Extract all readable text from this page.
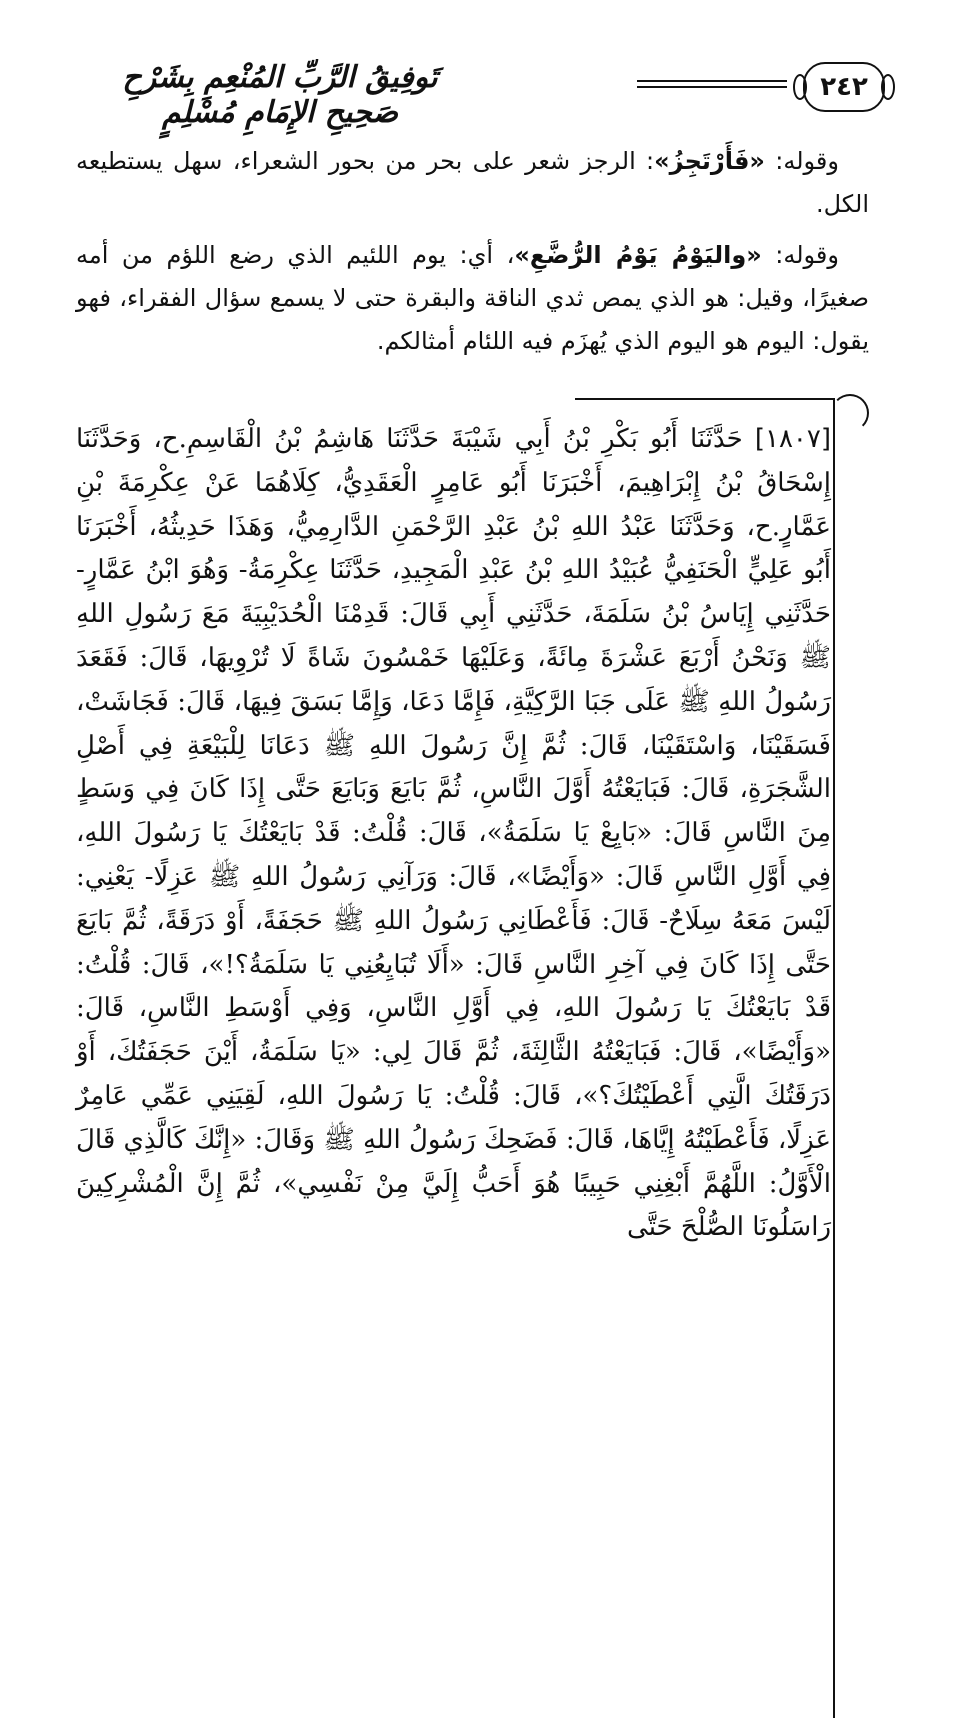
٢٤٢
تَوفِيقُ الرَّبِّ المُنْعِمِ بِشَرْحِ صَحِيحِ الإِمَامِ مُسْلِمٍ

وقوله: «فَأَرْتَجِزُ»: الرجز شعر على بحر من بحور الشعراء، سهل يستطيعه الكل.

وقوله: «واليَوْمُ يَوْمُ الرُّضَّعِ»، أي: يوم اللئيم الذي رضع اللؤم من أمه صغيرًا، وقيل: هو الذي يمص ثدي الناقة والبقرة حتى لا يسمع سؤال الفقراء، فهو يقول: اليوم هو اليوم الذي يُهزَم فيه اللئام أمثالكم.

[١٨٠٧] حَدَّثَنَا أَبُو بَكْرِ بْنُ أَبِي شَيْبَةَ حَدَّثَنَا هَاشِمُ بْنُ الْقَاسِمِ.ح، وَحَدَّثَنَا إِسْحَاقُ بْنُ إِبْرَاهِيمَ، أَخْبَرَنَا أَبُو عَامِرٍ الْعَقَدِيُّ، كِلَاهُمَا عَنْ عِكْرِمَةَ بْنِ عَمَّارٍ.ح، وَحَدَّثَنَا عَبْدُ اللهِ بْنُ عَبْدِ الرَّحْمَنِ الدَّارِمِيُّ، وَهَذَا حَدِيثُهُ، أَخْبَرَنَا أَبُو عَلِيٍّ الْحَنَفِيُّ عُبَيْدُ اللهِ بْنُ عَبْدِ الْمَجِيدِ، حَدَّثَنَا عِكْرِمَةُ- وَهُوَ ابْنُ عَمَّارٍ- حَدَّثَنِي إِيَاسُ بْنُ سَلَمَةَ، حَدَّثَنِي أَبِي قَالَ: قَدِمْنَا الْحُدَيْبِيَةَ مَعَ رَسُولِ اللهِ ﷺ وَنَحْنُ أَرْبَعَ عَشْرَةَ مِائَةً، وَعَلَيْهَا خَمْسُونَ شَاةً لَا تُرْوِيهَا، قَالَ: فَقَعَدَ رَسُولُ اللهِ ﷺ عَلَى جَبَا الرَّكِيَّةِ، فَإِمَّا دَعَا، وَإِمَّا بَسَقَ فِيهَا، قَالَ: فَجَاشَتْ، فَسَقَيْنَا، وَاسْتَقَيْنَا، قَالَ: ثُمَّ إِنَّ رَسُولَ اللهِ ﷺ دَعَانَا لِلْبَيْعَةِ فِي أَصْلِ الشَّجَرَةِ، قَالَ: فَبَايَعْتُهُ أَوَّلَ النَّاسِ، ثُمَّ بَايَعَ وَبَايَعَ حَتَّى إِذَا كَانَ فِي وَسَطٍ مِنَ النَّاسِ قَالَ: «بَايِعْ يَا سَلَمَةُ»، قَالَ: قُلْتُ: قَدْ بَايَعْتُكَ يَا رَسُولَ اللهِ، فِي أَوَّلِ النَّاسِ قَالَ: «وَأَيْضًا»، قَالَ: وَرَآنِي رَسُولُ اللهِ ﷺ عَزِلًا- يَعْنِي: لَيْسَ مَعَهُ سِلَاحٌ- قَالَ: فَأَعْطَانِي رَسُولُ اللهِ ﷺ حَجَفَةً، أَوْ دَرَقَةً، ثُمَّ بَايَعَ حَتَّى إِذَا كَانَ فِي آخِرِ النَّاسِ قَالَ: «أَلَا تُبَايِعُنِي يَا سَلَمَةُ؟!»، قَالَ: قُلْتُ: قَدْ بَايَعْتُكَ يَا رَسُولَ اللهِ، فِي أَوَّلِ النَّاسِ، وَفِي أَوْسَطِ النَّاسِ، قَالَ: «وَأَيْضًا»، قَالَ: فَبَايَعْتُهُ الثَّالِثَةَ، ثُمَّ قَالَ لِي: «يَا سَلَمَةُ، أَيْنَ حَجَفَتُكَ، أَوْ دَرَقَتُكَ الَّتِي أَعْطَيْتُكَ؟»، قَالَ: قُلْتُ: يَا رَسُولَ اللهِ، لَقِيَنِي عَمِّي عَامِرٌ عَزِلًا، فَأَعْطَيْتُهُ إِيَّاهَا، قَالَ: فَضَحِكَ رَسُولُ اللهِ ﷺ وَقَالَ: «إِنَّكَ كَالَّذِي قَالَ الْأَوَّلُ: اللَّهُمَّ أَبْغِنِي حَبِيبًا هُوَ أَحَبُّ إِلَيَّ مِنْ نَفْسِي»، ثُمَّ إِنَّ الْمُشْرِكِينَ رَاسَلُونَا الصُّلْحَ حَتَّى
